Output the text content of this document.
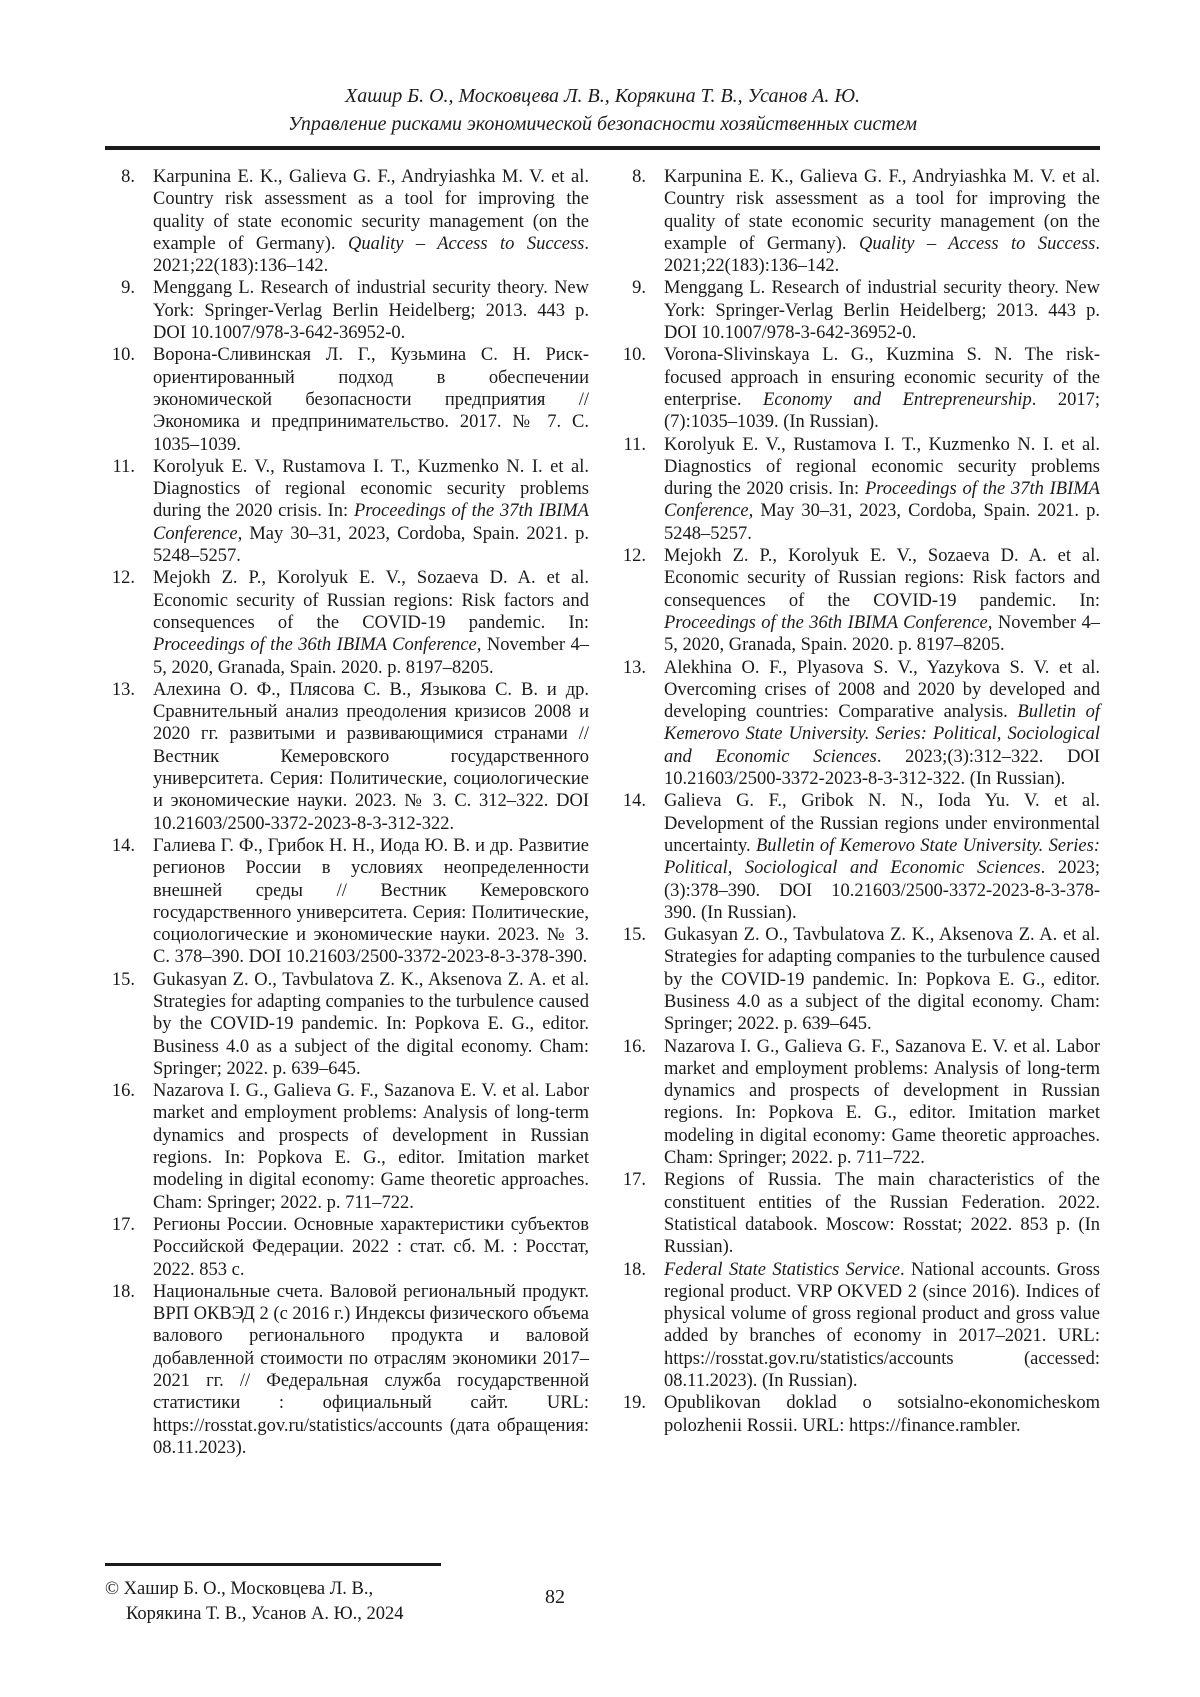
Хашир Б. О., Московцева Л. В., Корякина Т. В., Усанов А. Ю.
Управление рисками экономической безопасности хозяйственных систем
8. Karpunina E. K., Galieva G. F., Andryiashka M. V. et al. Country risk assessment as a tool for improving the quality of state economic security management (on the example of Germany). Quality – Access to Success. 2021;22(183):136–142.
9. Menggang L. Research of industrial security theory. New York: Springer-Verlag Berlin Heidelberg; 2013. 443 p. DOI 10.1007/978-3-642-36952-0.
10. Ворона-Сливинская Л. Г., Кузьмина С. Н. Риск-ориентированный подход в обеспечении экономической безопасности предприятия // Экономика и предпринимательство. 2017. № 7. С. 1035–1039.
11. Korolyuk E. V., Rustamova I. T., Kuzmenko N. I. et al. Diagnostics of regional economic security problems during the 2020 crisis. In: Proceedings of the 37th IBIMA Conference, May 30–31, 2023, Cordoba, Spain. 2021. p. 5248–5257.
12. Mejokh Z. P., Korolyuk E. V., Sozaeva D. A. et al. Economic security of Russian regions: Risk factors and consequences of the COVID-19 pandemic. In: Proceedings of the 36th IBIMA Conference, November 4–5, 2020, Granada, Spain. 2020. p. 8197–8205.
13. Алехина О. Ф., Плясова С. В., Языкова С. В. и др. Сравнительный анализ преодоления кризисов 2008 и 2020 гг. развитыми и развивающимися странами // Вестник Кемеровского государственного университета. Серия: Политические, социологические и экономические науки. 2023. № 3. С. 312–322. DOI 10.21603/2500-3372-2023-8-3-312-322.
14. Галиева Г. Ф., Грибок Н. Н., Иода Ю. В. и др. Развитие регионов России в условиях неопределенности внешней среды // Вестник Кемеровского государственного университета. Серия: Политические, социологические и экономические науки. 2023. № 3. С. 378–390. DOI 10.21603/2500-3372-2023-8-3-378-390.
15. Gukasyan Z. O., Tavbulatova Z. K., Aksenova Z. A. et al. Strategies for adapting companies to the turbulence caused by the COVID-19 pandemic. In: Popkova E. G., editor. Business 4.0 as a subject of the digital economy. Cham: Springer; 2022. p. 639–645.
16. Nazarova I. G., Galieva G. F., Sazanova E. V. et al. Labor market and employment problems: Analysis of long-term dynamics and prospects of development in Russian regions. In: Popkova E. G., editor. Imitation market modeling in digital economy: Game theoretic approaches. Cham: Springer; 2022. p. 711–722.
17. Регионы России. Основные характеристики субъектов Российской Федерации. 2022 : стат. сб. М. : Росстат, 2022. 853 с.
18. Национальные счета. Валовой региональный продукт. ВРП ОКВЭД 2 (с 2016 г.) Индексы физического объема валового регионального продукта и валовой добавленной стоимости по отраслям экономики 2017–2021 гг. // Федеральная служба государственной статистики : официальный сайт. URL: https://rosstat.gov.ru/statistics/accounts (дата обращения: 08.11.2023).
8. Karpunina E. K., Galieva G. F., Andryiashka M. V. et al. Country risk assessment as a tool for improving the quality of state economic security management (on the example of Germany). Quality – Access to Success. 2021;22(183):136–142.
9. Menggang L. Research of industrial security theory. New York: Springer-Verlag Berlin Heidelberg; 2013. 443 p. DOI 10.1007/978-3-642-36952-0.
10. Vorona-Slivinskaya L. G., Kuzmina S. N. The risk-focused approach in ensuring economic security of the enterprise. Economy and Entrepreneurship. 2017;(7):1035–1039. (In Russian).
11. Korolyuk E. V., Rustamova I. T., Kuzmenko N. I. et al. Diagnostics of regional economic security problems during the 2020 crisis. In: Proceedings of the 37th IBIMA Conference, May 30–31, 2023, Cordoba, Spain. 2021. p. 5248–5257.
12. Mejokh Z. P., Korolyuk E. V., Sozaeva D. A. et al. Economic security of Russian regions: Risk factors and consequences of the COVID-19 pandemic. In: Proceedings of the 36th IBIMA Conference, November 4–5, 2020, Granada, Spain. 2020. p. 8197–8205.
13. Alekhina O. F., Plyasova S. V., Yazykova S. V. et al. Overcoming crises of 2008 and 2020 by developed and developing countries: Comparative analysis. Bulletin of Kemerovo State University. Series: Political, Sociological and Economic Sciences. 2023;(3):312–322. DOI 10.21603/2500-3372-2023-8-3-312-322. (In Russian).
14. Galieva G. F., Gribok N. N., Ioda Yu. V. et al. Development of the Russian regions under environmental uncertainty. Bulletin of Kemerovo State University. Series: Political, Sociological and Economic Sciences. 2023;(3):378–390. DOI 10.21603/2500-3372-2023-8-3-378-390. (In Russian).
15. Gukasyan Z. O., Tavbulatova Z. K., Aksenova Z. A. et al. Strategies for adapting companies to the turbulence caused by the COVID-19 pandemic. In: Popkova E. G., editor. Business 4.0 as a subject of the digital economy. Cham: Springer; 2022. p. 639–645.
16. Nazarova I. G., Galieva G. F., Sazanova E. V. et al. Labor market and employment problems: Analysis of long-term dynamics and prospects of development in Russian regions. In: Popkova E. G., editor. Imitation market modeling in digital economy: Game theoretic approaches. Cham: Springer; 2022. p. 711–722.
17. Regions of Russia. The main characteristics of the constituent entities of the Russian Federation. 2022. Statistical databook. Moscow: Rosstat; 2022. 853 p. (In Russian).
18. Federal State Statistics Service. National accounts. Gross regional product. VRP OKVED 2 (since 2016). Indices of physical volume of gross regional product and gross value added by branches of economy in 2017–2021. URL: https://rosstat.gov.ru/statistics/accounts (accessed: 08.11.2023). (In Russian).
19. Opublikovan doklad o sotsialno-ekonomicheskom polozhenii Rossii. URL: https://finance.rambler.
© Хашир Б. О., Московцева Л. В.,
Корякина Т. В., Усанов А. Ю., 2024
82
